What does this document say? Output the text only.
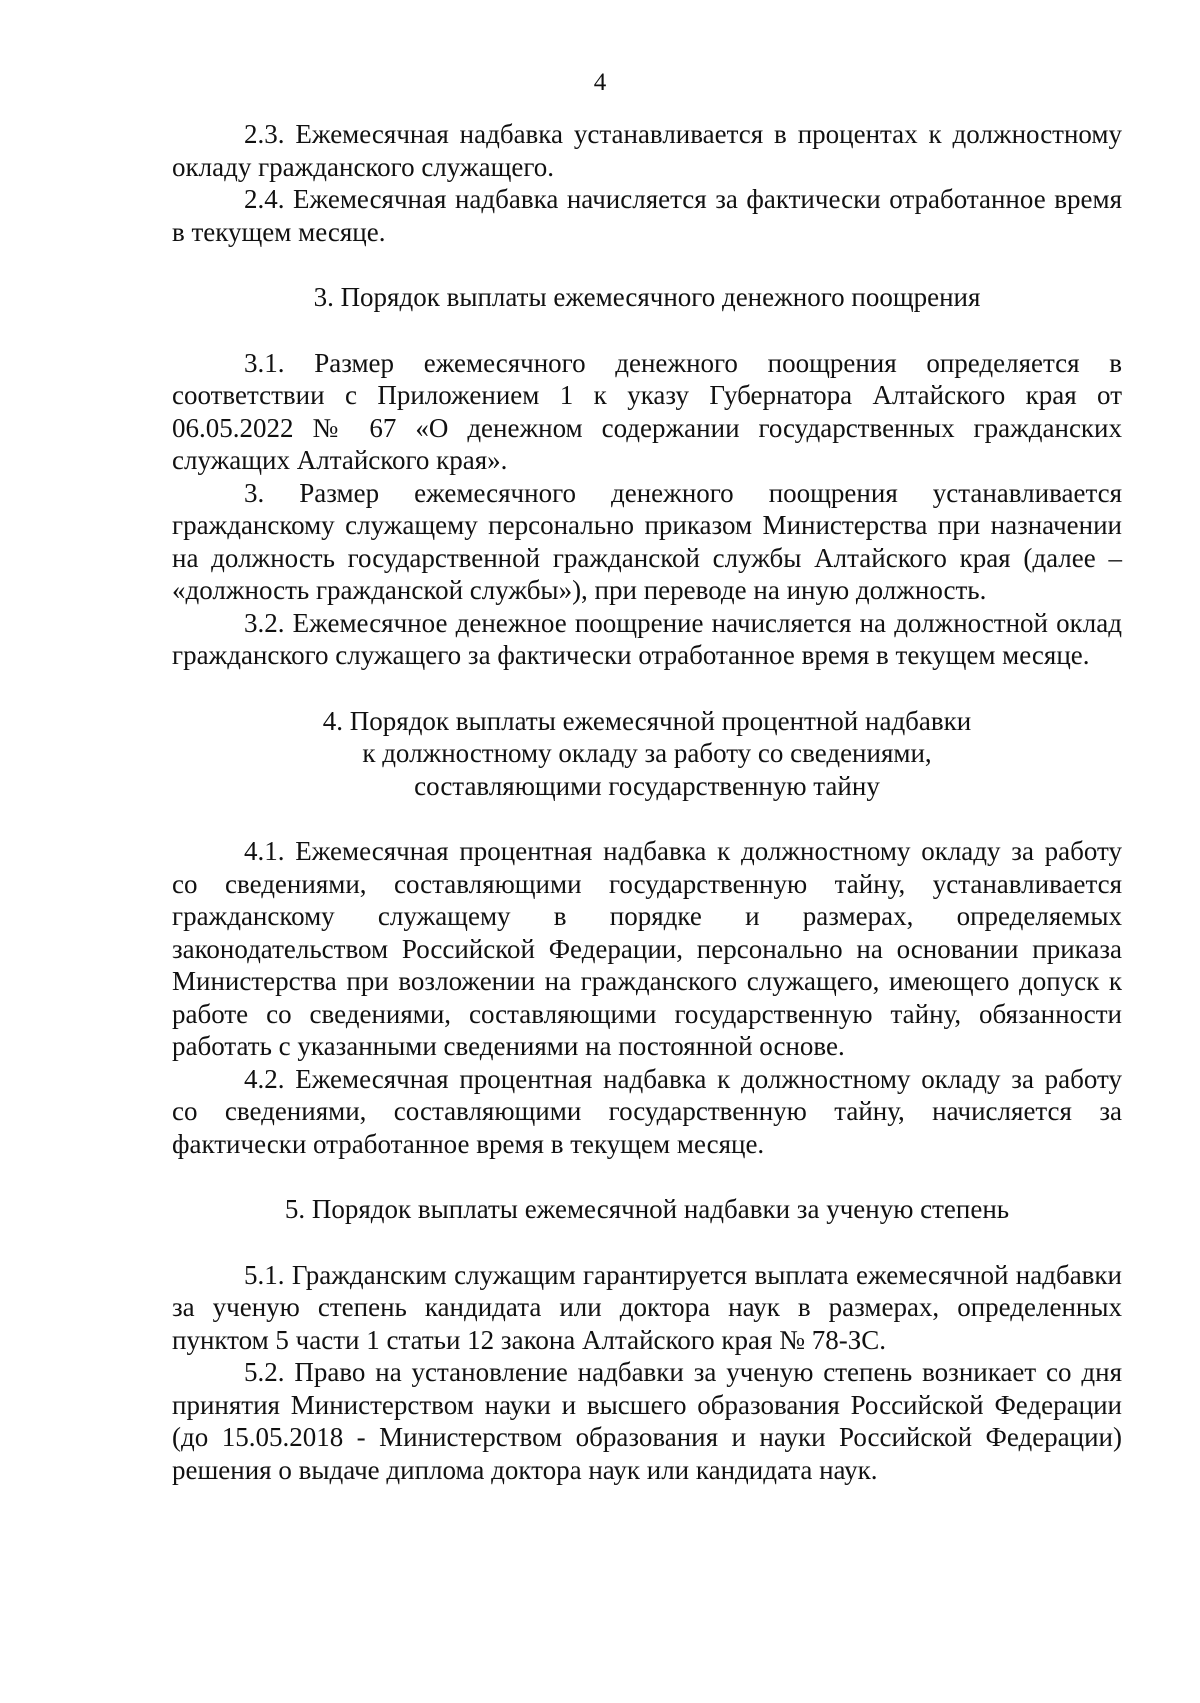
4

2.3. Ежемесячная надбавка устанавливается в процентах к должностному окладу гражданского служащего.

2.4. Ежемесячная надбавка начисляется за фактически отработанное время в текущем месяце.

3. Порядок выплаты ежемесячного денежного поощрения

3.1. Размер ежемесячного денежного поощрения определяется в соответствии с Приложением 1 к указу Губернатора Алтайского края от 06.05.2022 № 67 «О денежном содержании государственных гражданских служащих Алтайского края».

3. Размер ежемесячного денежного поощрения устанавливается гражданскому служащему персонально приказом Министерства при назначении на должность государственной гражданской службы Алтайского края (далее – «должность гражданской службы»), при переводе на иную должность.

3.2. Ежемесячное денежное поощрение начисляется на должностной оклад гражданского служащего за фактически отработанное время в текущем месяце.

4. Порядок выплаты ежемесячной процентной надбавки
к должностному окладу за работу со сведениями,
составляющими государственную тайну

4.1. Ежемесячная процентная надбавка к должностному окладу за работу со сведениями, составляющими государственную тайну, устанавливается гражданскому служащему в порядке и размерах, определяемых законодательством Российской Федерации, персонально на основании приказа Министерства при возложении на гражданского служащего, имеющего допуск к работе со сведениями, составляющими государственную тайну, обязанности работать с указанными сведениями на постоянной основе.

4.2. Ежемесячная процентная надбавка к должностному окладу за работу со сведениями, составляющими государственную тайну, начисляется за фактически отработанное время в текущем месяце.

5. Порядок выплаты ежемесячной надбавки за ученую степень

5.1. Гражданским служащим гарантируется выплата ежемесячной надбавки за ученую степень кандидата или доктора наук в размерах, определенных пунктом 5 части 1 статьи 12 закона Алтайского края № 78-ЗС.

5.2. Право на установление надбавки за ученую степень возникает со дня принятия Министерством науки и высшего образования Российской Федерации (до 15.05.2018 - Министерством образования и науки Российской Федерации) решения о выдаче диплома доктора наук или кандидата наук.
